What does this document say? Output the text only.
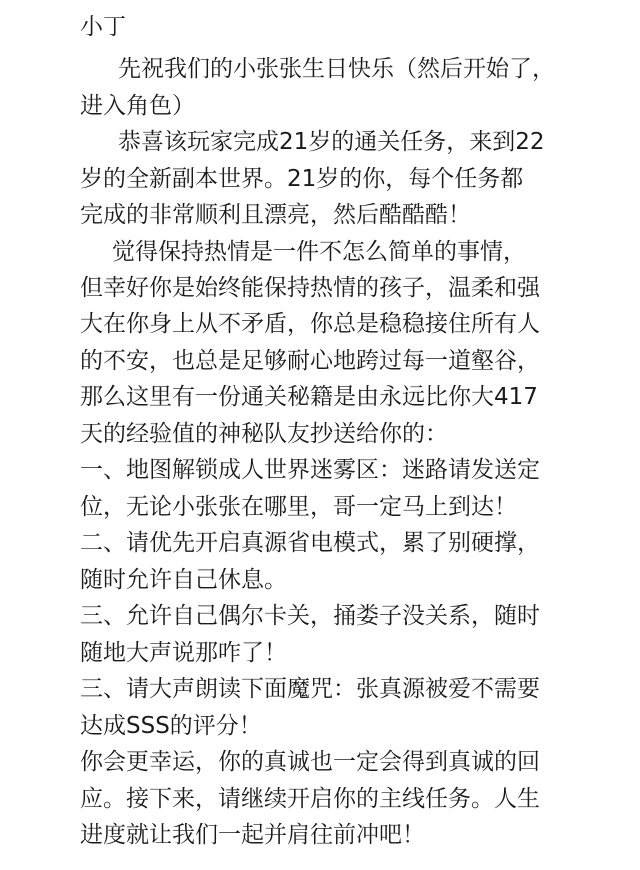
小丁

先祝我们的小张张生日快乐（然后开始了，

进入角色）

恭喜该玩家完成21岁的通关任务，来到22

岁的全新副本世界。21岁的你，每个任务都

完成的非常顺利且漂亮，然后酷酷酷！

觉得保持热情是一件不怎么简单的事情，

但幸好你是始终能保持热情的孩子，温柔和强

大在你身上从不矛盾，你总是稳稳接住所有人

的不安，也总是足够耐心地跨过每一道壑谷，

那么这里有一份通关秘籍是由永远比你大417

天的经验值的神秘队友抄送给你的：

一、地图解锁成人世界迷雾区：迷路请发送定

位，无论小张张在哪里，哥一定马上到达！

二、请优先开启真源省电模式，累了别硬撑，

随时允许自己休息。

三、允许自己偶尔卡关，捅娄子没关系，随时

随地大声说那咋了！

三、请大声朗读下面魔咒：张真源被爱不需要

达成SSS的评分！

你会更幸运，你的真诚也一定会得到真诚的回

应。接下来，请继续开启你的主线任务。人生

进度就让我们一起并肩往前冲吧！
